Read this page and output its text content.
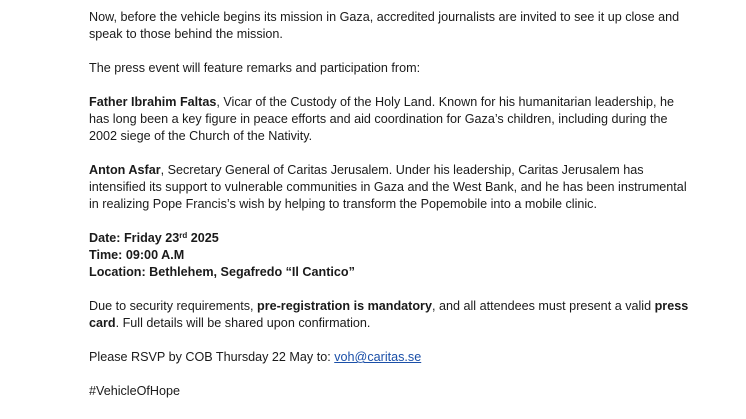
Now, before the vehicle begins its mission in Gaza, accredited journalists are invited to see it up close and speak to those behind the mission.

The press event will feature remarks and participation from:

Father Ibrahim Faltas, Vicar of the Custody of the Holy Land. Known for his humanitarian leadership, he has long been a key figure in peace efforts and aid coordination for Gaza’s children, including during the 2002 siege of the Church of the Nativity.

Anton Asfar, Secretary General of Caritas Jerusalem. Under his leadership, Caritas Jerusalem has intensified its support to vulnerable communities in Gaza and the West Bank, and he has been instrumental in realizing Pope Francis’s wish by helping to transform the Popemobile into a mobile clinic.

Date: Friday 23rd 2025
Time: 09:00 A.M
Location: Bethlehem, Segafredo “Il Cantico”

Due to security requirements, pre-registration is mandatory, and all attendees must present a valid press card. Full details will be shared upon confirmation.

Please RSVP by COB Thursday 22 May to: voh@caritas.se

#VehicleOfHope
